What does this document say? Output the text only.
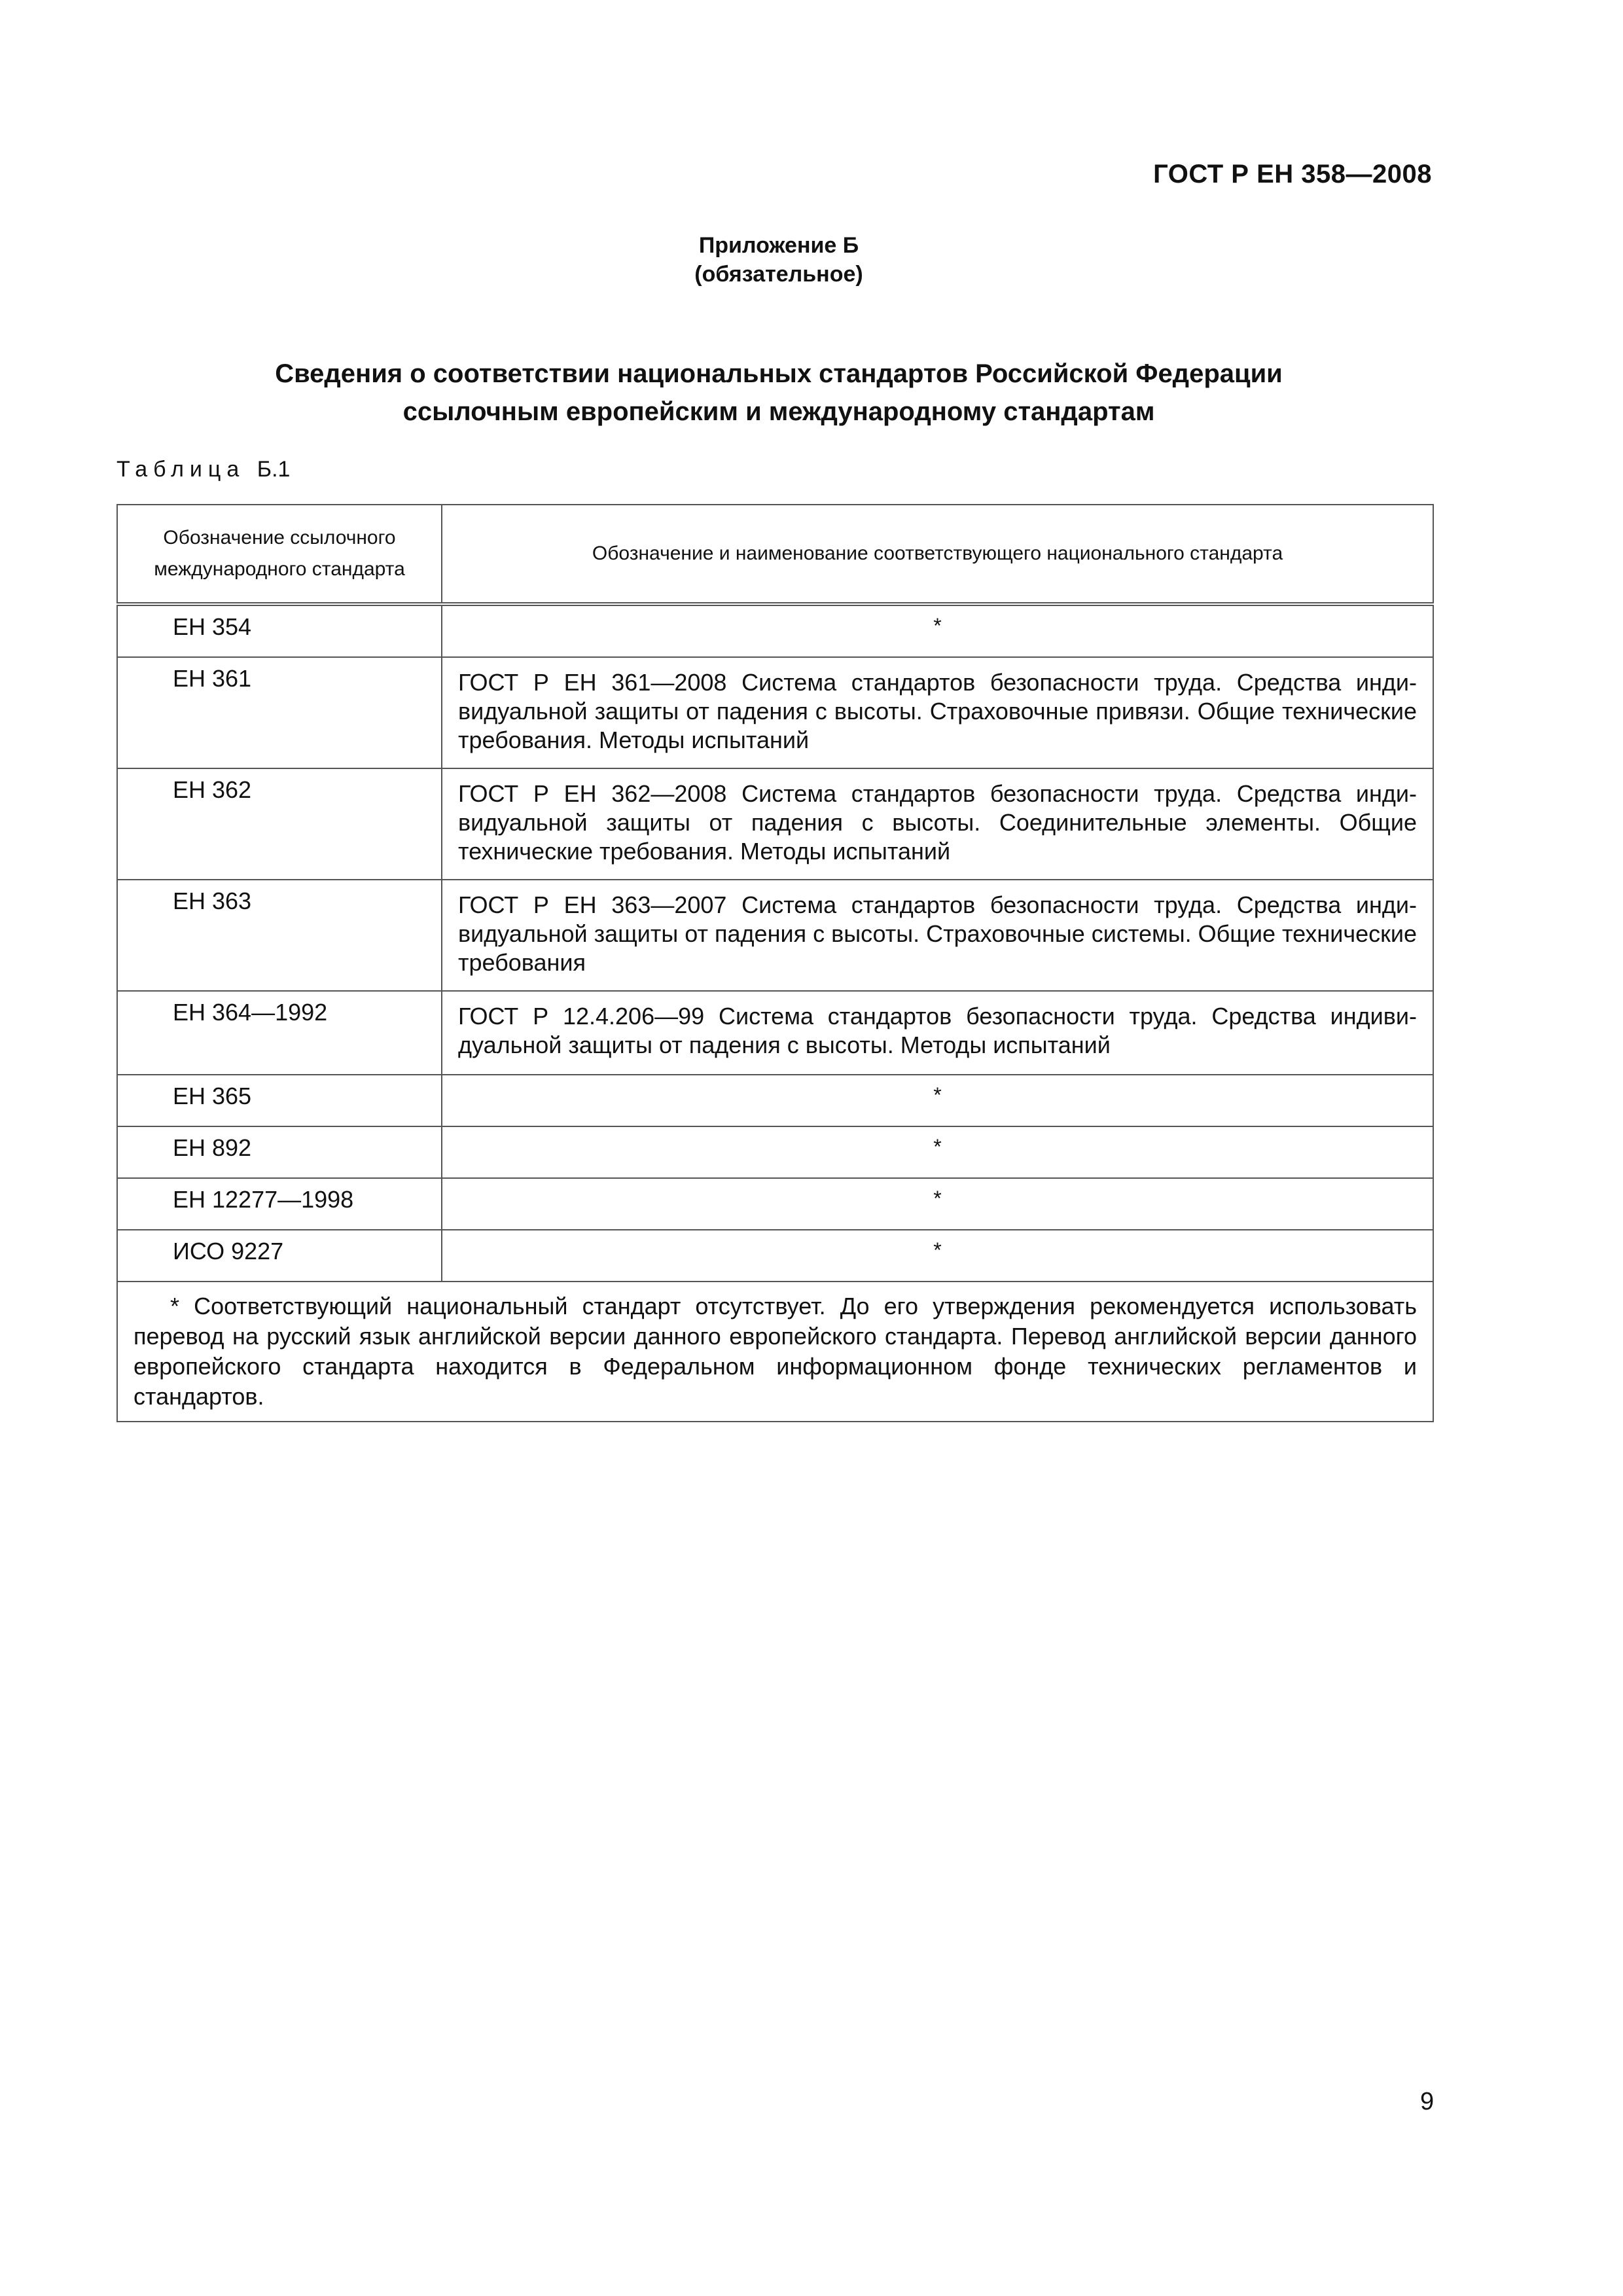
ГОСТ Р ЕН 358—2008
Приложение Б
(обязательное)
Сведения о соответствии национальных стандартов Российской Федерации
ссылочным европейским и международному стандартам
Таблица Б.1
Обозначение ссылочного международного стандарта	Обозначение и наименование соответствующего национального стандарта
ЕН 354	*
ЕН 361	ГОСТ Р ЕН 361—2008 Система стандартов безопасности труда. Средства индивидуальной защиты от падения с высоты. Страховочные привязи. Общие технические требования. Методы испытаний
ЕН 362	ГОСТ Р ЕН 362—2008 Система стандартов безопасности труда. Средства индивидуальной защиты от падения с высоты. Соединительные элементы. Общие технические требования. Методы испытаний
ЕН 363	ГОСТ Р ЕН 363—2007 Система стандартов безопасности труда. Средства индивидуальной защиты от падения с высоты. Страховочные системы. Общие технические требования
ЕН 364—1992	ГОСТ Р 12.4.206—99 Система стандартов безопасности труда. Средства индивидуальной защиты от падения с высоты. Методы испытаний
ЕН 365	*
ЕН 892	*
ЕН 12277—1998	*
ИСО 9227	*
* Соответствующий национальный стандарт отсутствует. До его утверждения рекомендуется использовать перевод на русский язык английской версии данного европейского стандарта. Перевод английской версии данного европейского стандарта находится в Федеральном информационном фонде технических регламентов и стандартов.	
9
